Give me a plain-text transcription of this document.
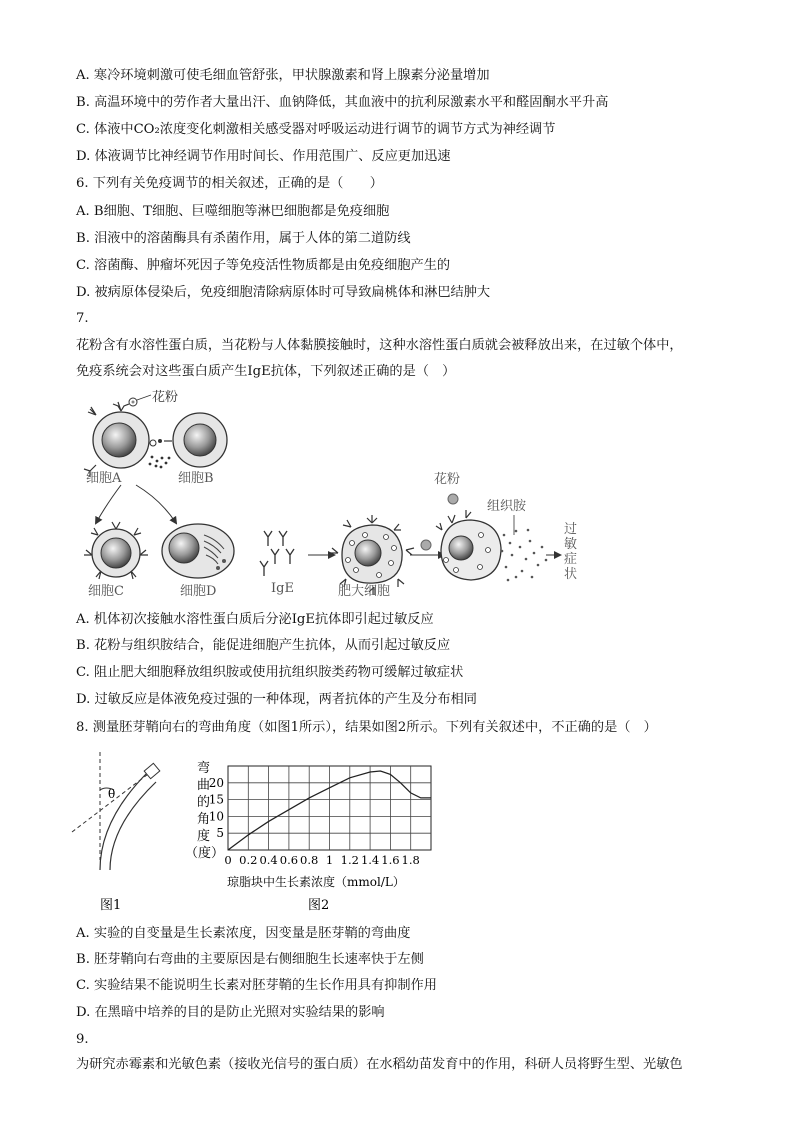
A. 寒冷环境刺激可使毛细血管舒张，甲状腺激素和肾上腺素分泌量增加
B. 高温环境中的劳作者大量出汗、血钠降低，其血液中的抗利尿激素水平和醛固酮水平升高
C. 体液中CO₂浓度变化刺激相关感受器对呼吸运动进行调节的调节方式为神经调节
D. 体液调节比神经调节作用时间长、作用范围广、反应更加迅速
6. 下列有关免疫调节的相关叙述，正确的是（　　）
A. B细胞、T细胞、巨噬细胞等淋巴细胞都是免疫细胞
B. 泪液中的溶菌酶具有杀菌作用，属于人体的第二道防线
C. 溶菌酶、肿瘤坏死因子等免疫活性物质都是由免疫细胞产生的
D. 被病原体侵染后，免疫细胞清除病原体时可导致扁桃体和淋巴结肿大
7.
花粉含有水溶性蛋白质，当花粉与人体黏膜接触时，这种水溶性蛋白质就会被释放出来，在过敏个体中，
免疫系统会对这些蛋白质产生IgE抗体，下列叙述正确的是（　）
花粉
细胞A	细胞B
细胞C	细胞D	IgE	肥大细胞
花粉
组织胺
过
敏
症
状
A. 机体初次接触水溶性蛋白质后分泌IgE抗体即引起过敏反应
B. 花粉与组织胺结合，能促进细胞产生抗体，从而引起过敏反应
C. 阻止肥大细胞释放组织胺或使用抗组织胺类药物可缓解过敏症状
D. 过敏反应是体液免疫过强的一种体现，两者抗体的产生及分布相同
8. 测量胚芽鞘向右的弯曲角度（如图1所示），结果如图2所示。下列有关叙述中，不正确的是（　）
θ
图1
弯
曲
的
角
度
（度）
5
10
15
20
0 0.2 0.4 0.6 0.8 1 1.2 1.4 1.6 1.8
琼脂块中生长素浓度（mmol/L）
图2
A. 实验的自变量是生长素浓度，因变量是胚芽鞘的弯曲度
B. 胚芽鞘向右弯曲的主要原因是右侧细胞生长速率快于左侧
C. 实验结果不能说明生长素对胚芽鞘的生长作用具有抑制作用
D. 在黑暗中培养的目的是防止光照对实验结果的影响
9.
为研究赤霉素和光敏色素（接收光信号的蛋白质）在水稻幼苗发育中的作用，科研人员将野生型、光敏色
